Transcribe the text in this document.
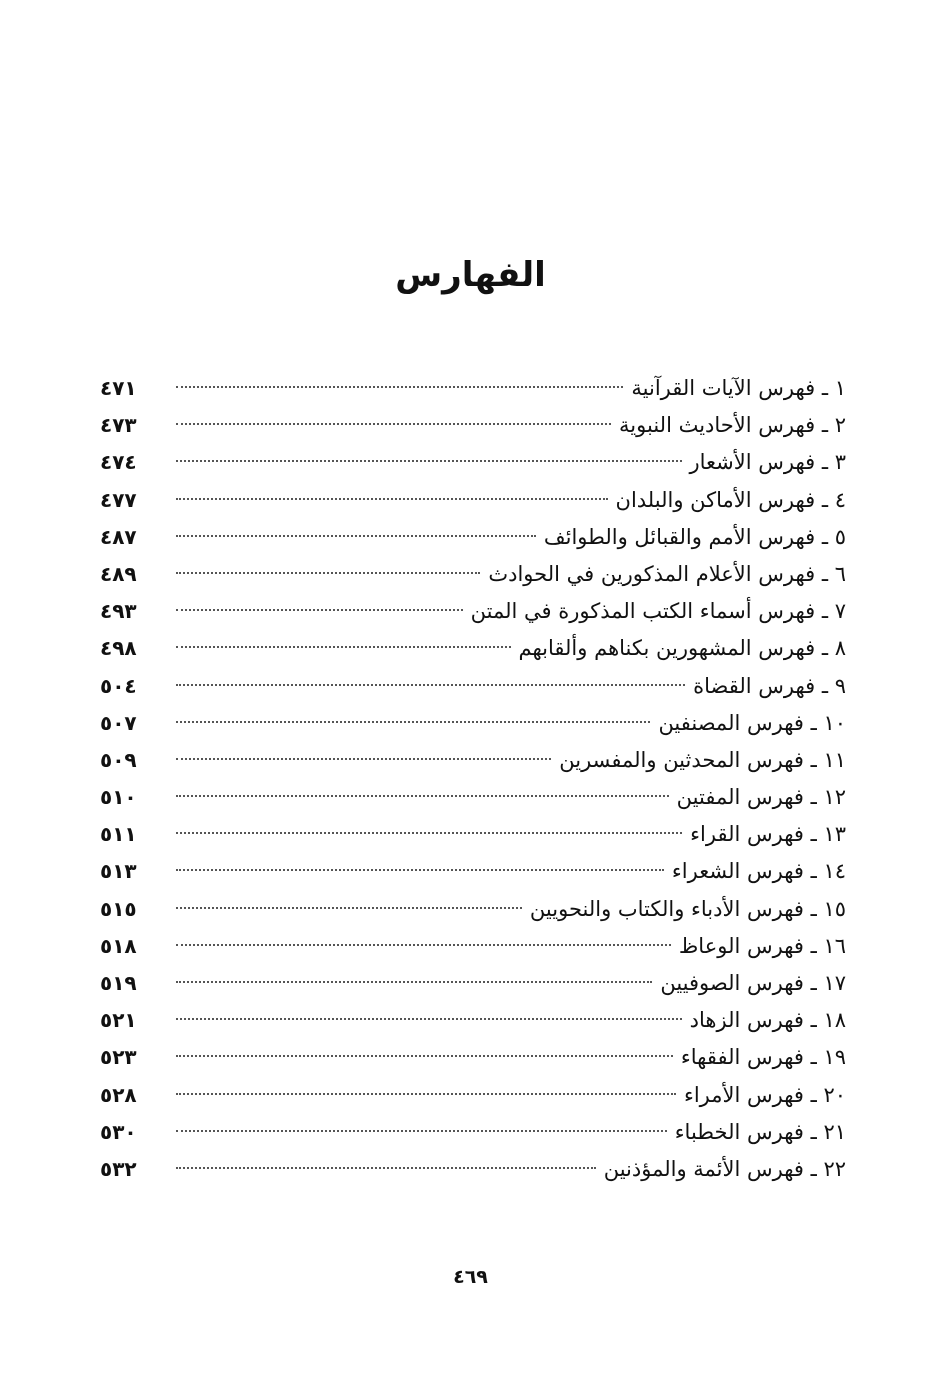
الفهارس
١ ـ فهرس الآيات القرآنية
٤٧١
٢ ـ فهرس الأحاديث النبوية
٤٧٣
٣ ـ فهرس الأشعار
٤٧٤
٤ ـ فهرس الأماكن والبلدان
٤٧٧
٥ ـ فهرس الأمم والقبائل والطوائف
٤٨٧
٦ ـ فهرس الأعلام المذكورين في الحوادث
٤٨٩
٧ ـ فهرس أسماء الكتب المذكورة في المتن
٤٩٣
٨ ـ فهرس المشهورين بكناهم وألقابهم
٤٩٨
٩ ـ فهرس القضاة
٥٠٤
١٠ ـ فهرس المصنفين
٥٠٧
١١ ـ فهرس المحدثين والمفسرين
٥٠٩
١٢ ـ فهرس المفتين
٥١٠
١٣ ـ فهرس القراء
٥١١
١٤ ـ فهرس الشعراء
٥١٣
١٥ ـ فهرس الأدباء والكتاب والنحويين
٥١٥
١٦ ـ فهرس الوعاظ
٥١٨
١٧ ـ فهرس الصوفيين
٥١٩
١٨ ـ فهرس الزهاد
٥٢١
١٩ ـ فهرس الفقهاء
٥٢٣
٢٠ ـ فهرس الأمراء
٥٢٨
٢١ ـ فهرس الخطباء
٥٣٠
٢٢ ـ فهرس الأئمة والمؤذنين
٥٣٢
٤٦٩
